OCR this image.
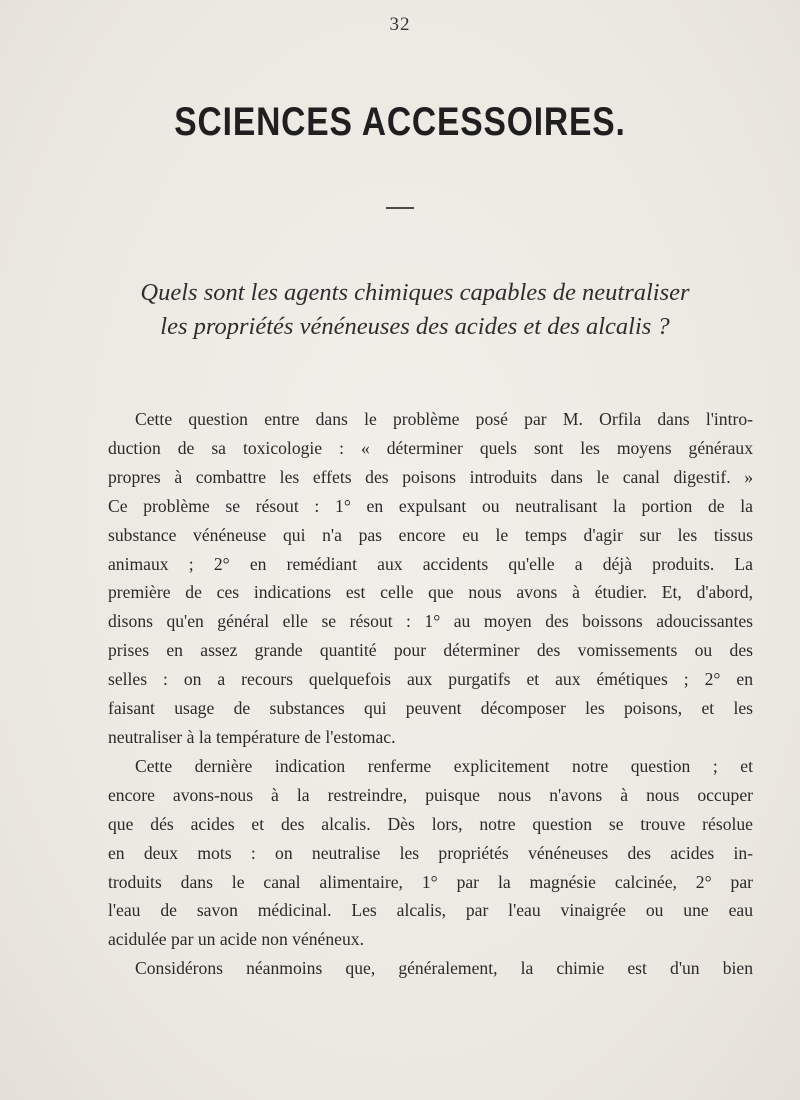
32
SCIENCES ACCESSOIRES.
Quels sont les agents chimiques capables de neutraliser
les propriétés vénéneuses des acides et des alcalis ?
Cette question entre dans le problème posé par M. Orfila dans l'intro-
duction de sa toxicologie : « déterminer quels sont les moyens généraux
propres à combattre les effets des poisons introduits dans le canal digestif. »
Ce problème se résout : 1° en expulsant ou neutralisant la portion de la
substance vénéneuse qui n'a pas encore eu le temps d'agir sur les tissus
animaux ; 2° en remédiant aux accidents qu'elle a déjà produits. La
première de ces indications est celle que nous avons à étudier. Et, d'abord,
disons qu'en général elle se résout : 1° au moyen des boissons adoucissantes
prises en assez grande quantité pour déterminer des vomissements ou des
selles : on a recours quelquefois aux purgatifs et aux émétiques ; 2° en
faisant usage de substances qui peuvent décomposer les poisons, et les
neutraliser à la température de l'estomac.
Cette dernière indication renferme explicitement notre question ; et
encore avons-nous à la restreindre, puisque nous n'avons à nous occuper
que dés acides et des alcalis. Dès lors, notre question se trouve résolue
en deux mots : on neutralise les propriétés vénéneuses des acides in-
troduits dans le canal alimentaire, 1° par la magnésie calcinée, 2° par
l'eau de savon médicinal. Les alcalis, par l'eau vinaigrée ou une eau
acidulée par un acide non vénéneux.
Considérons néanmoins que, généralement, la chimie est d'un bien
